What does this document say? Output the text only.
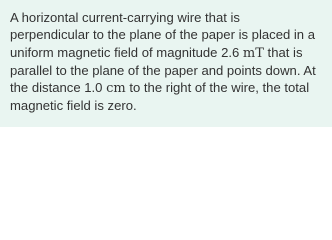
A horizontal current-carrying wire that is perpendicular to the plane of the paper is placed in a uniform magnetic field of magnitude 2.6 mT that is parallel to the plane of the paper and points down. At the distance 1.0 cm to the right of the wire, the total magnetic field is zero.
